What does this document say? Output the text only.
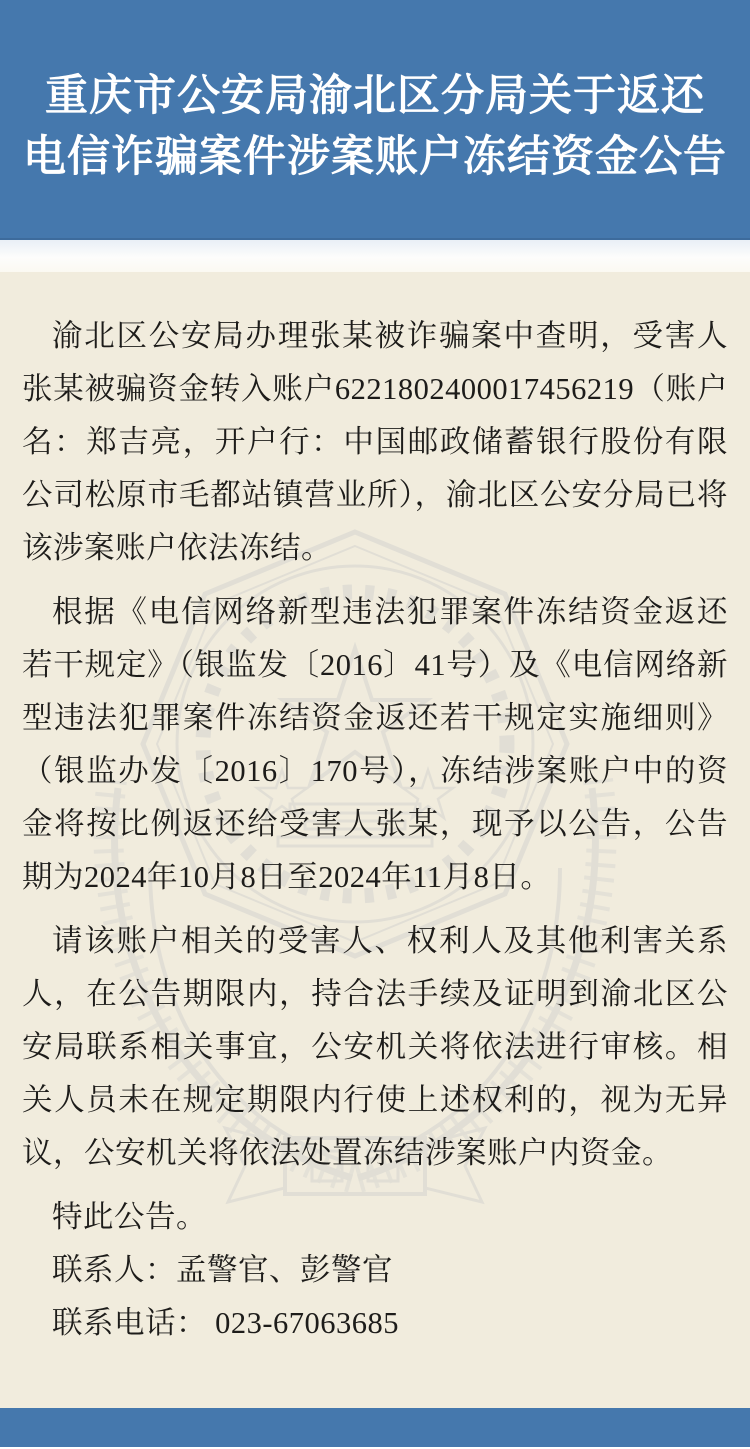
重庆市公安局渝北区分局关于返还
电信诈骗案件涉案账户冻结资金公告

渝北区公安局办理张某被诈骗案中查明，受害人张某被骗资金转入账户6221802400017456219（账户名：郑吉亮，开户行：中国邮政储蓄银行股份有限公司松原市毛都站镇营业所），渝北区公安分局已将该涉案账户依法冻结。

根据《电信网络新型违法犯罪案件冻结资金返还若干规定》（银监发〔2016〕41号）及《电信网络新型违法犯罪案件冻结资金返还若干规定实施细则》（银监办发〔2016〕170号），冻结涉案账户中的资金将按比例返还给受害人张某，现予以公告，公告期为2024年10月8日至2024年11月8日。

请该账户相关的受害人、权利人及其他利害关系人，在公告期限内，持合法手续及证明到渝北区公安局联系相关事宜，公安机关将依法进行审核。相关人员未在规定期限内行使上述权利的，视为无异议，公安机关将依法处置冻结涉案账户内资金。

特此公告。

联系人：孟警官、彭警官

联系电话： 023-67063685
